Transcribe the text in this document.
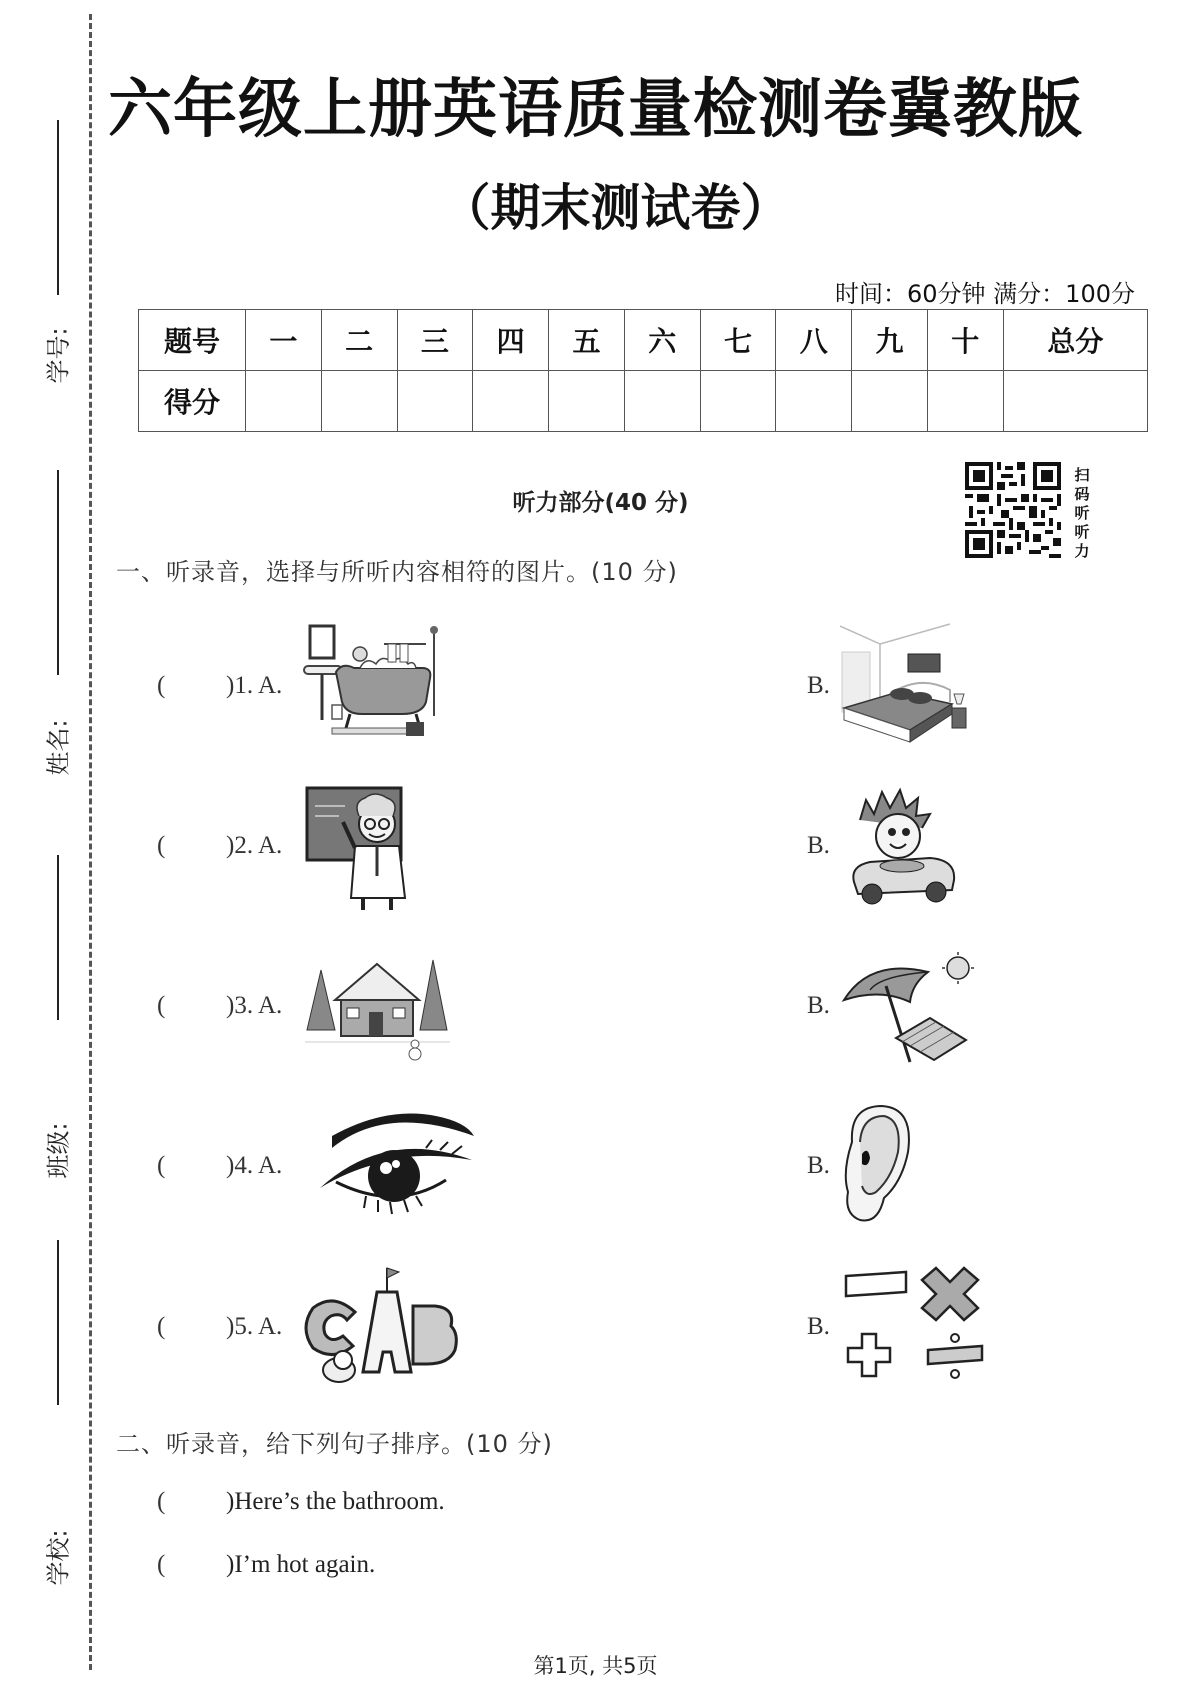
学号:
姓名:
班级:
学校:
六年级上册英语质量检测卷冀教版
（期末测试卷）
时间：60分钟 满分：100分
题号	一	二	三	四	五	六	七	八	九	十	总分
得分											
听力部分(40 分)
扫
码
听
听
力
一、听录音，选择与所听内容相符的图片。(10 分)
( )1. A.	B.
( )2. A.	B.
( )3. A.	B.
( )4. A.	B.
( )5. A.	B.
二、听录音，给下列句子排序。(10 分)
( )Here’s the bathroom.
( )I’m hot again.
第1页, 共5页
